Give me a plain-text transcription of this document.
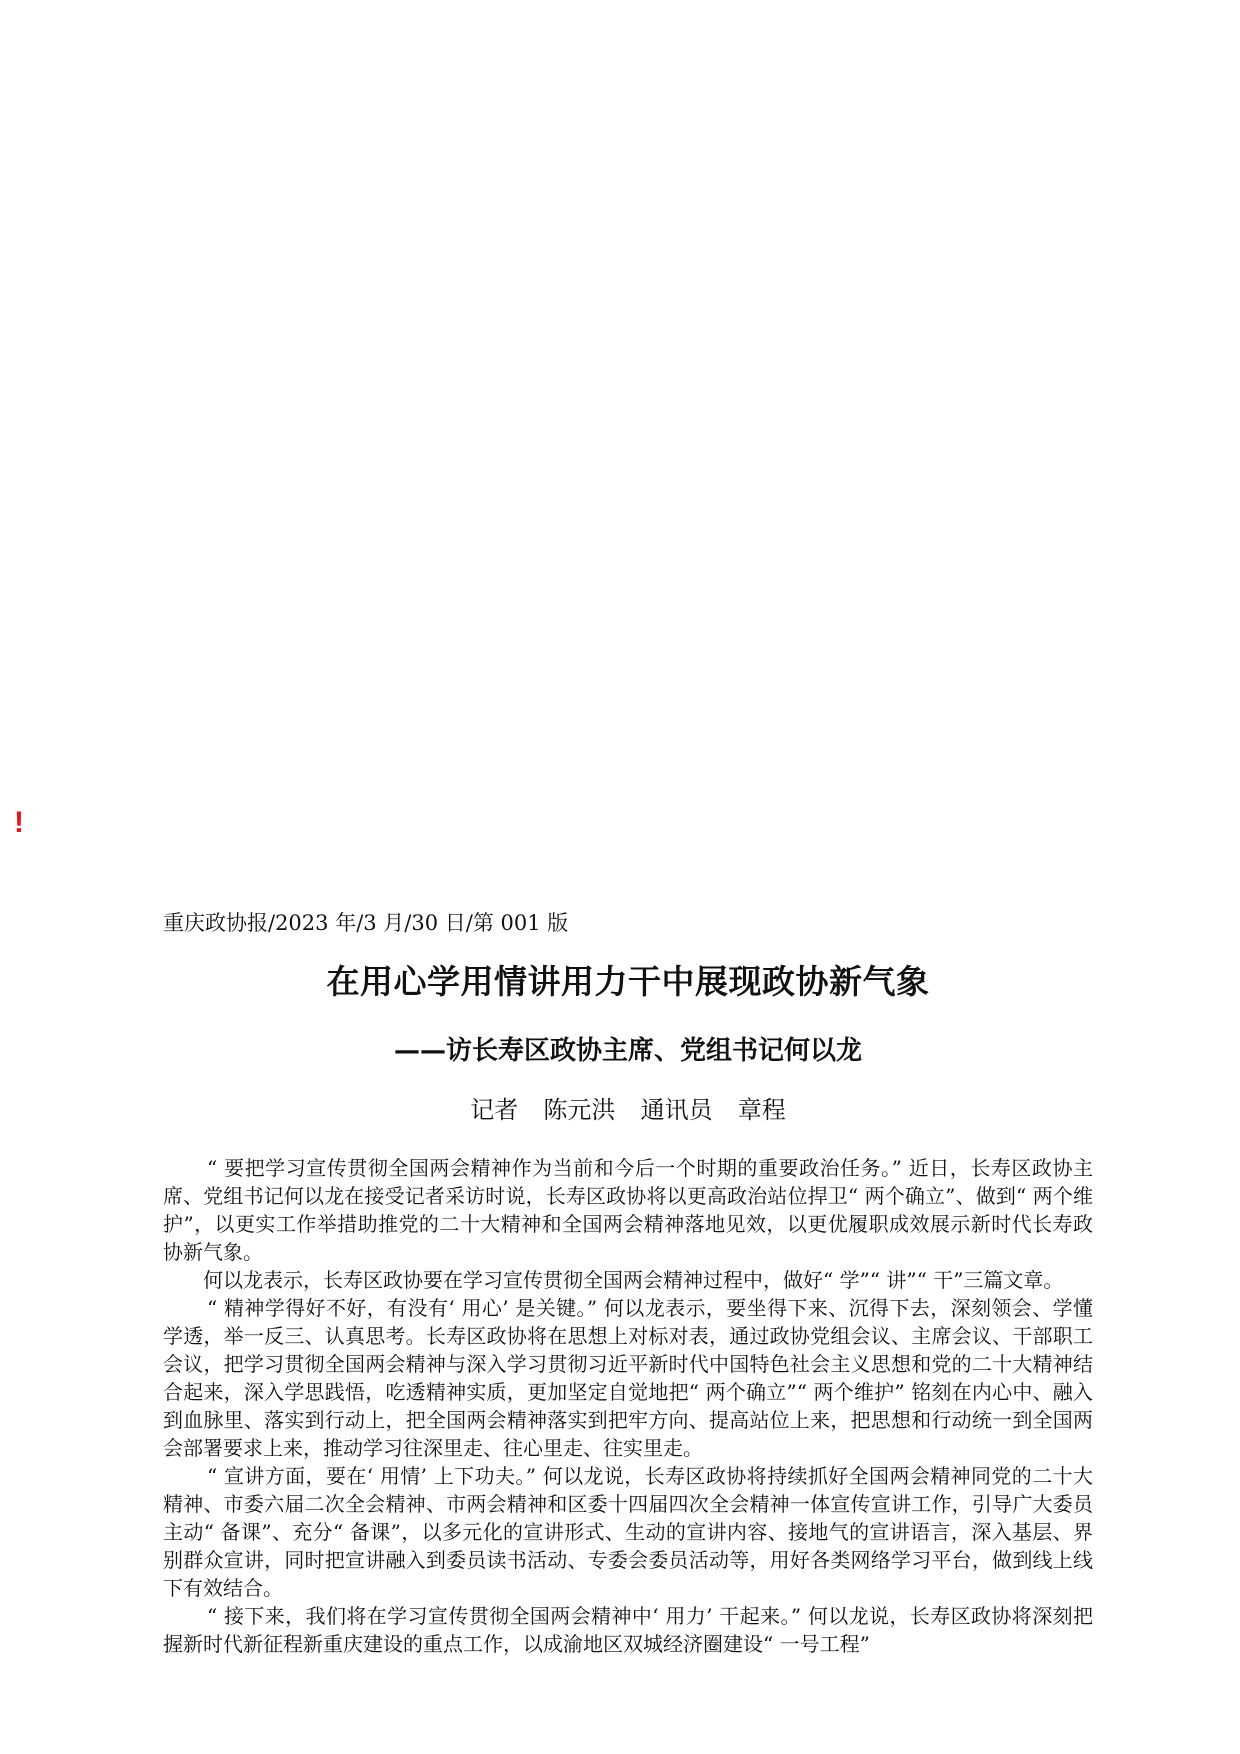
!
重庆政协报/2023 年/3 月/30 日/第 001 版
在用心学用情讲用力干中展现政协新气象
——访长寿区政协主席、党组书记何以龙
记者 陈元洪 通讯员 章程

“ 要把学习宣传贯彻全国两会精神作为当前和今后一个时期的重要政治任务。” 近日，长寿区政协主席、党组书记何以龙在接受记者采访时说，长寿区政协将以更高政治站位捍卫“ 两个确立”、做到“ 两个维护”，以更实工作举措助推党的二十大精神和全国两会精神落地见效，以更优履职成效展示新时代长寿政协新气象。

何以龙表示，长寿区政协要在学习宣传贯彻全国两会精神过程中，做好“ 学”“ 讲”“ 干”三篇文章。

“ 精神学得好不好，有没有‘ 用心’ 是关键。” 何以龙表示，要坐得下来、沉得下去，深刻领会、学懂学透，举一反三、认真思考。长寿区政协将在思想上对标对表，通过政协党组会议、主席会议、干部职工会议，把学习贯彻全国两会精神与深入学习贯彻习近平新时代中国特色社会主义思想和党的二十大精神结合起来，深入学思践悟，吃透精神实质，更加坚定自觉地把“ 两个确立”“ 两个维护” 铭刻在内心中、融入到血脉里、落实到行动上，把全国两会精神落实到把牢方向、提高站位上来，把思想和行动统一到全国两会部署要求上来，推动学习往深里走、往心里走、往实里走。

“ 宣讲方面，要在‘ 用情’ 上下功夫。” 何以龙说，长寿区政协将持续抓好全国两会精神同党的二十大精神、市委六届二次全会精神、市两会精神和区委十四届四次全会精神一体宣传宣讲工作，引导广大委员主动“ 备课”、充分“ 备课”，以多元化的宣讲形式、生动的宣讲内容、接地气的宣讲语言，深入基层、界别群众宣讲，同时把宣讲融入到委员读书活动、专委会委员活动等，用好各类网络学习平台，做到线上线下有效结合。

“ 接下来，我们将在学习宣传贯彻全国两会精神中‘ 用力’ 干起来。” 何以龙说，长寿区政协将深刻把握新时代新征程新重庆建设的重点工作，以成渝地区双城经济圈建设“ 一号工程”
